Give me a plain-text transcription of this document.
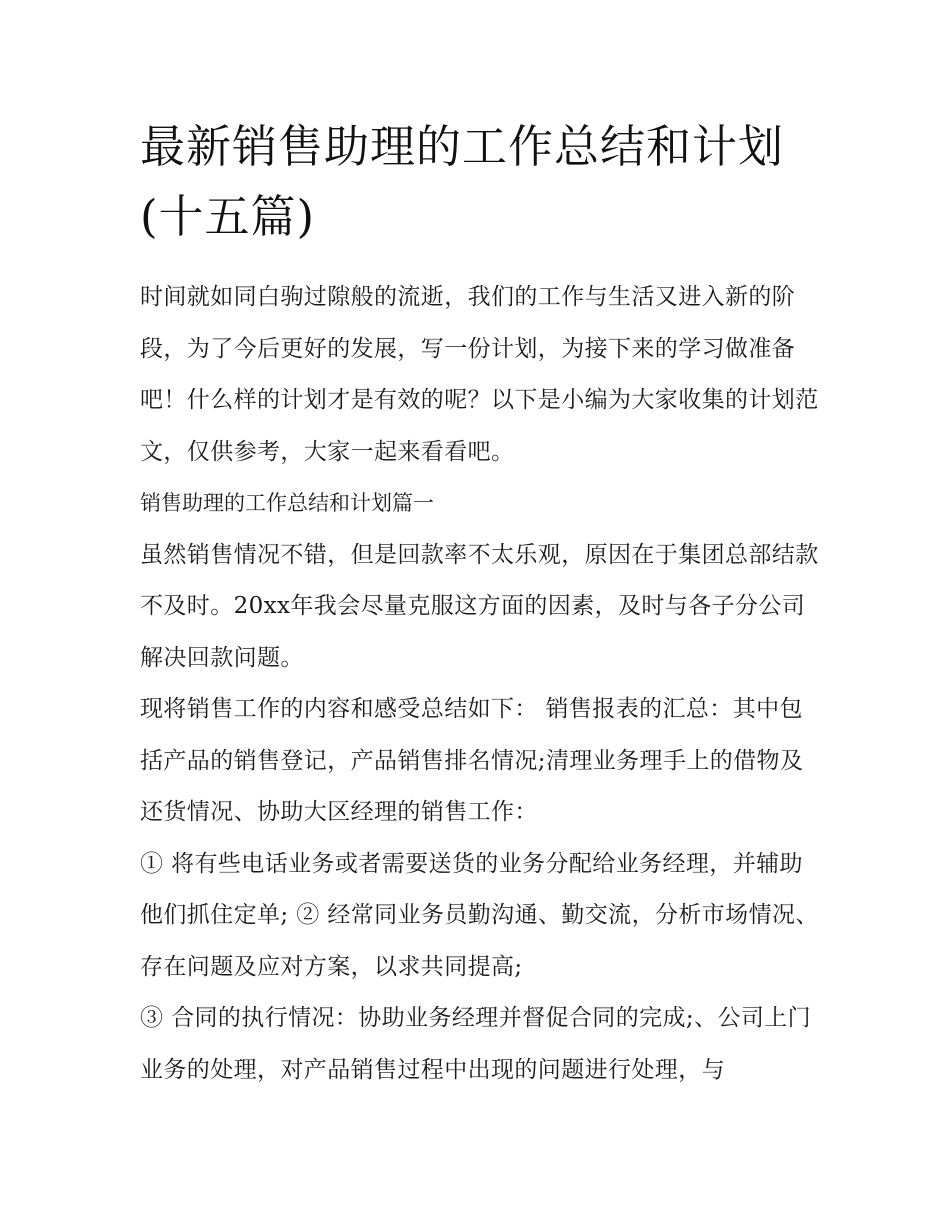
最新销售助理的工作总结和计划(十五篇)

时间就如同白驹过隙般的流逝，我们的工作与生活又进入新的阶段，为了今后更好的发展，写一份计划，为接下来的学习做准备吧！什么样的计划才是有效的呢？以下是小编为大家收集的计划范文，仅供参考，大家一起来看看吧。

销售助理的工作总结和计划篇一

虽然销售情况不错，但是回款率不太乐观，原因在于集团总部结款不及时。20xx年我会尽量克服这方面的因素，及时与各子分公司解决回款问题。

现将销售工作的内容和感受总结如下： 销售报表的汇总：其中包括产品的销售登记，产品销售排名情况;清理业务理手上的借物及还货情况、协助大区经理的销售工作：

① 将有些电话业务或者需要送货的业务分配给业务经理，并辅助他们抓住定单; ② 经常同业务员勤沟通、勤交流，分析市场情况、存在问题及应对方案，以求共同提高;

③ 合同的执行情况：协助业务经理并督促合同的完成;、公司上门业务的处理，对产品销售过程中出现的问题进行处理，与
